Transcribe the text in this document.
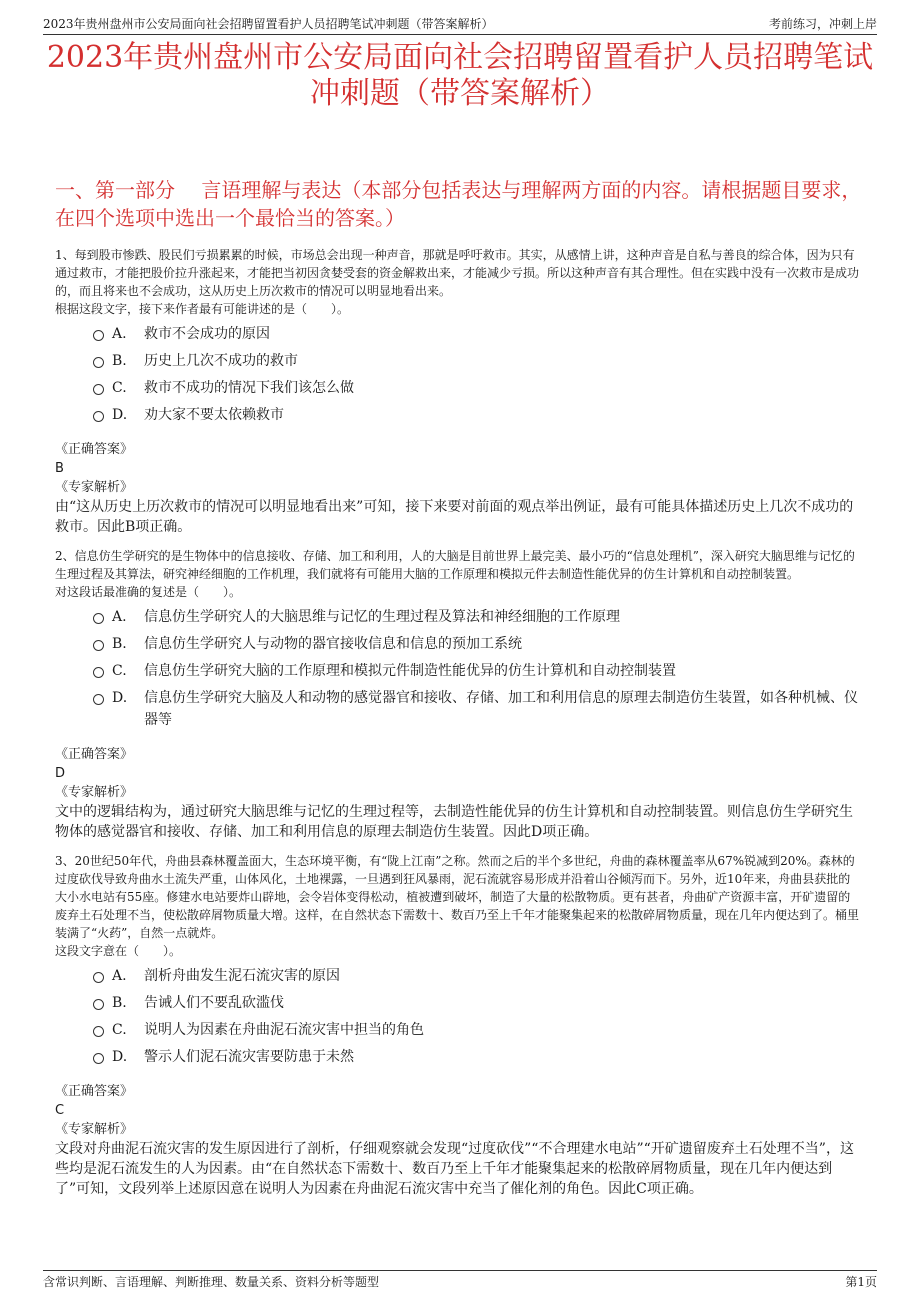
2023年贵州盘州市公安局面向社会招聘留置看护人员招聘笔试冲刺题（带答案解析）	考前练习，冲刺上岸
2023年贵州盘州市公安局面向社会招聘留置看护人员招聘笔试冲刺题（带答案解析）
一、第一部分　 言语理解与表达（本部分包括表达与理解两方面的内容。请根据题目要求，在四个选项中选出一个最恰当的答案。）
1、每到股市惨跌、股民们亏损累累的时候，市场总会出现一种声音，那就是呼吁救市。其实，从感情上讲，这种声音是自私与善良的综合体，因为只有通过救市，才能把股价拉升涨起来，才能把当初因贪婪受套的资金解救出来，才能减少亏损。所以这种声音有其合理性。但在实践中没有一次救市是成功的，而且将来也不会成功，这从历史上历次救市的情况可以明显地看出来。
根据这段文字，接下来作者最有可能讲述的是（　　）。
A.	救市不会成功的原因
B.	历史上几次不成功的救市
C.	救市不成功的情况下我们该怎么做
D.	劝大家不要太依赖救市
《正确答案》
B
《专家解析》
由“这从历史上历次救市的情况可以明显地看出来”可知，接下来要对前面的观点举出例证，最有可能具体描述历史上几次不成功的救市。因此B项正确。
2、信息仿生学研究的是生物体中的信息接收、存储、加工和利用，人的大脑是目前世界上最完美、最小巧的“信息处理机”，深入研究大脑思维与记忆的生理过程及其算法，研究神经细胞的工作机理，我们就将有可能用大脑的工作原理和模拟元件去制造性能优异的仿生计算机和自动控制装置。
对这段话最准确的复述是（　　）。
A.	信息仿生学研究人的大脑思维与记忆的生理过程及算法和神经细胞的工作原理
B.	信息仿生学研究人与动物的器官接收信息和信息的预加工系统
C.	信息仿生学研究大脑的工作原理和模拟元件制造性能优异的仿生计算机和自动控制装置
D.	信息仿生学研究大脑及人和动物的感觉器官和接收、存储、加工和利用信息的原理去制造仿生装置，如各种机械、仪器等
《正确答案》
D
《专家解析》
文中的逻辑结构为，通过研究大脑思维与记忆的生理过程等，去制造性能优异的仿生计算机和自动控制装置。则信息仿生学研究生物体的感觉器官和接收、存储、加工和利用信息的原理去制造仿生装置。因此D项正确。
3、20世纪50年代，舟曲县森林覆盖面大，生态环境平衡，有“陇上江南”之称。然而之后的半个多世纪，舟曲的森林覆盖率从67%锐减到20%。森林的过度砍伐导致舟曲水土流失严重，山体风化，土地裸露，一旦遇到狂风暴雨，泥石流就容易形成并沿着山谷倾泻而下。另外，近10年来，舟曲县获批的大小水电站有55座。修建水电站要炸山辟地，会令岩体变得松动，植被遭到破坏，制造了大量的松散物质。更有甚者，舟曲矿产资源丰富，开矿遗留的废弃土石处理不当，使松散碎屑物质量大增。这样，在自然状态下需数十、数百乃至上千年才能聚集起来的松散碎屑物质量，现在几年内便达到了。桶里装满了“火药”，自然一点就炸。
这段文字意在（　　）。
A.	剖析舟曲发生泥石流灾害的原因
B.	告诫人们不要乱砍滥伐
C.	说明人为因素在舟曲泥石流灾害中担当的角色
D.	警示人们泥石流灾害要防患于未然
《正确答案》
C
《专家解析》
文段对舟曲泥石流灾害的发生原因进行了剖析，仔细观察就会发现“过度砍伐”“不合理建水电站”“开矿遗留废弃土石处理不当”，这些均是泥石流发生的人为因素。由“在自然状态下需数十、数百乃至上千年才能聚集起来的松散碎屑物质量，现在几年内便达到了”可知，文段列举上述原因意在说明人为因素在舟曲泥石流灾害中充当了催化剂的角色。因此C项正确。
含常识判断、言语理解、判断推理、数量关系、资料分析等题型	第1页
